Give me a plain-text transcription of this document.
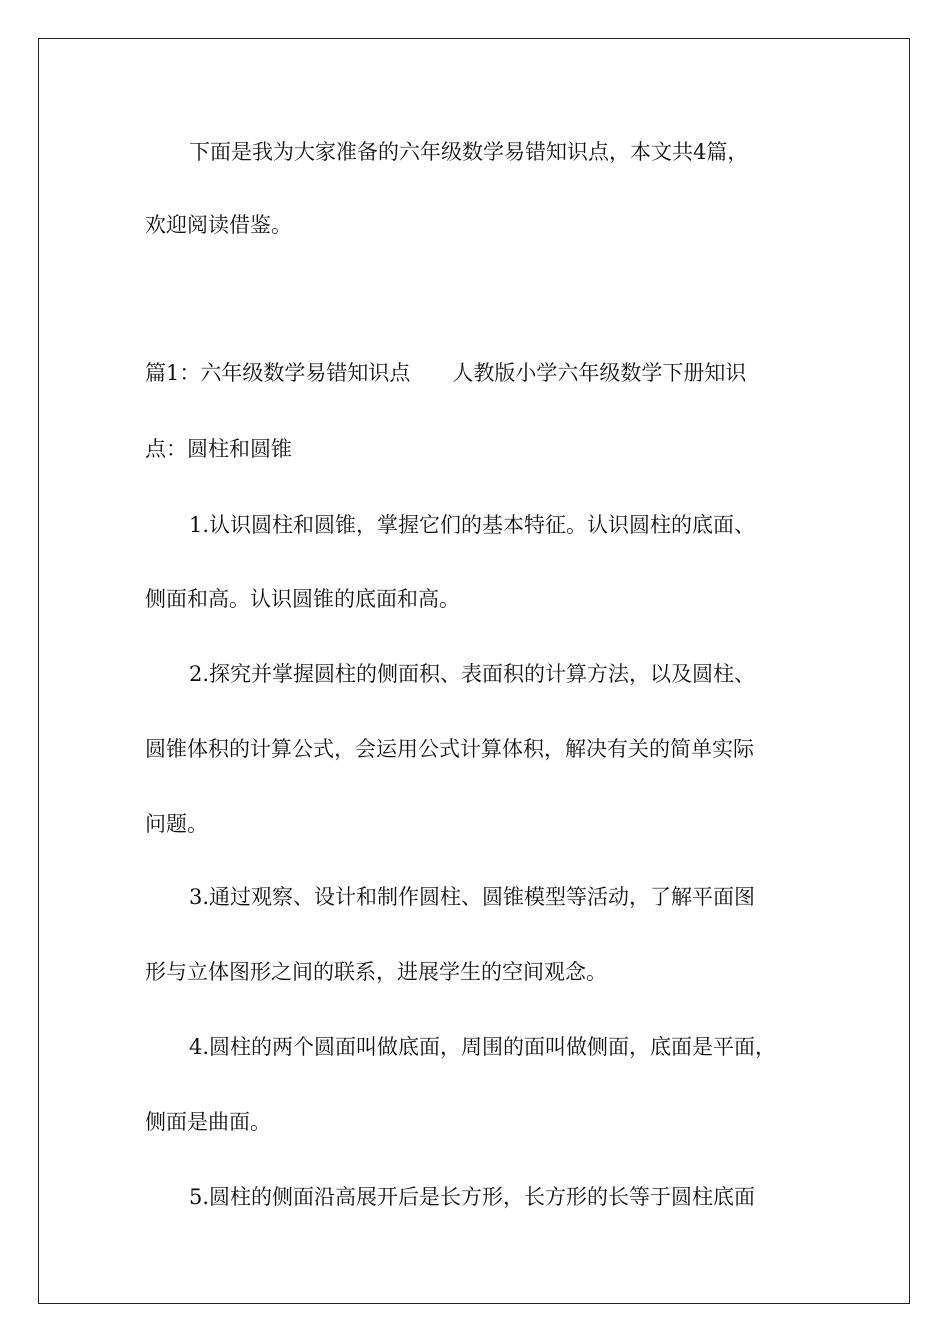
下面是我为大家准备的六年级数学易错知识点，本文共4篇，

欢迎阅读借鉴。

篇1：六年级数学易错知识点　　人教版小学六年级数学下册知识

点：圆柱和圆锥

1.认识圆柱和圆锥，掌握它们的基本特征。认识圆柱的底面、

侧面和高。认识圆锥的底面和高。

2.探究并掌握圆柱的侧面积、表面积的计算方法，以及圆柱、

圆锥体积的计算公式，会运用公式计算体积，解决有关的简单实际

问题。

3.通过观察、设计和制作圆柱、圆锥模型等活动，了解平面图

形与立体图形之间的联系，进展学生的空间观念。

4.圆柱的两个圆面叫做底面，周围的面叫做侧面，底面是平面，

侧面是曲面。

5.圆柱的侧面沿高展开后是长方形，长方形的长等于圆柱底面
